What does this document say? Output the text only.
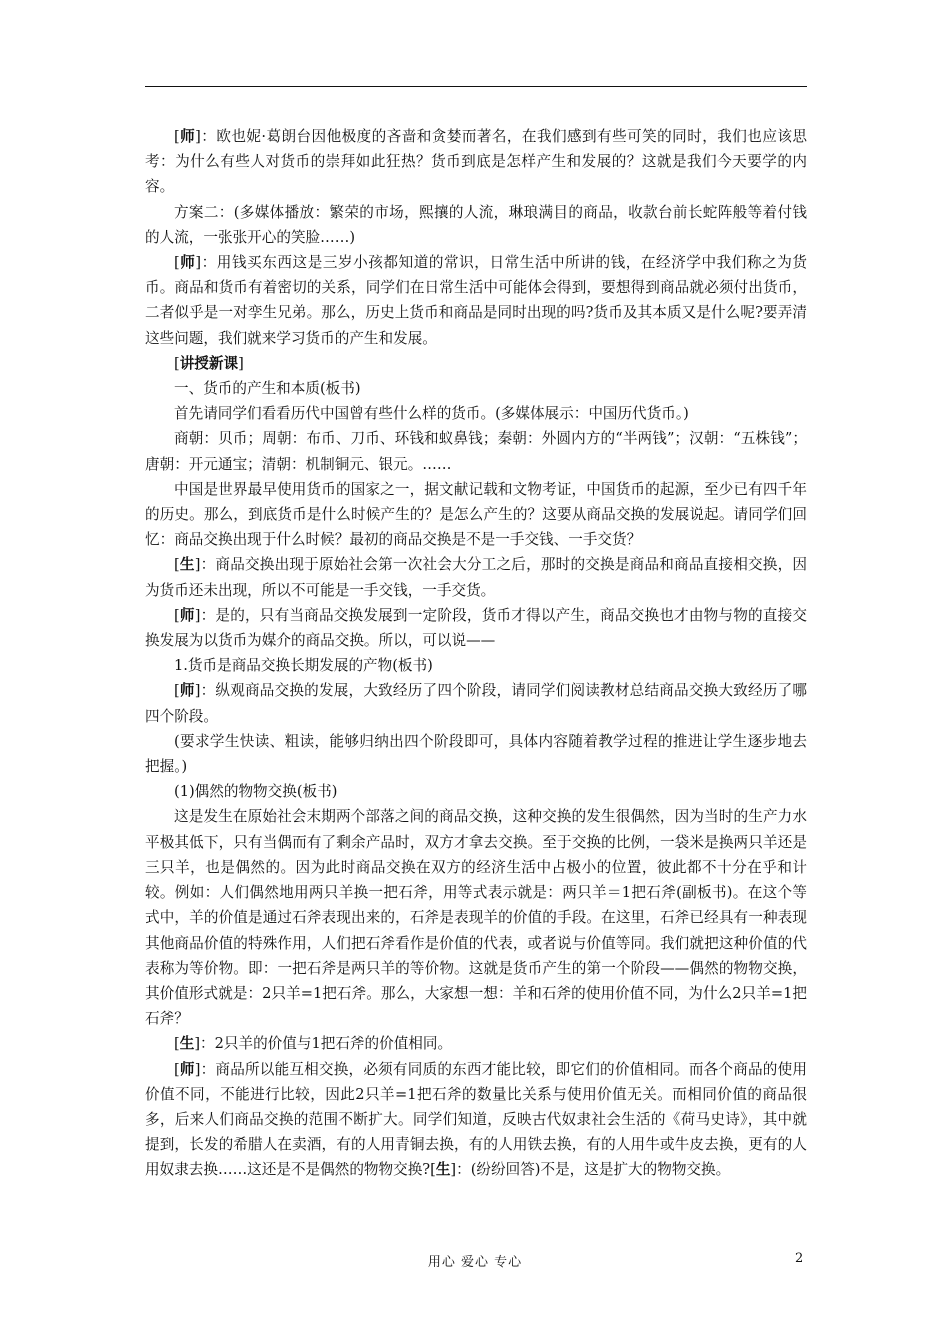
[师]：欧也妮·葛朗台因他极度的吝啬和贪婪而著名，在我们感到有些可笑的同时，我们也应该思考：为什么有些人对货币的崇拜如此狂热？货币到底是怎样产生和发展的？这就是我们今天要学的内容。

方案二：(多媒体播放：繁荣的市场，熙攘的人流，琳琅满目的商品，收款台前长蛇阵般等着付钱的人流，一张张开心的笑脸……)

[师]：用钱买东西这是三岁小孩都知道的常识，日常生活中所讲的钱，在经济学中我们称之为货币。商品和货币有着密切的关系，同学们在日常生活中可能体会得到，要想得到商品就必须付出货币，二者似乎是一对孪生兄弟。那么，历史上货币和商品是同时出现的吗?货币及其本质又是什么呢?要弄清这些问题，我们就来学习货币的产生和发展。

[讲授新课]

一、货币的产生和本质(板书)

首先请同学们看看历代中国曾有些什么样的货币。(多媒体展示：中国历代货币。)

商朝：贝币；周朝：布币、刀币、环钱和蚁鼻钱；秦朝：外圆内方的“半两钱”；汉朝：“五株钱”；唐朝：开元通宝；清朝：机制铜元、银元。……

中国是世界最早使用货币的国家之一，据文献记载和文物考证，中国货币的起源，至少已有四千年的历史。那么，到底货币是什么时候产生的？是怎么产生的？这要从商品交换的发展说起。请同学们回忆：商品交换出现于什么时候？最初的商品交换是不是一手交钱、一手交货？

[生]：商品交换出现于原始社会第一次社会大分工之后，那时的交换是商品和商品直接相交换，因为货币还未出现，所以不可能是一手交钱，一手交货。

[师]：是的，只有当商品交换发展到一定阶段，货币才得以产生，商品交换也才由物与物的直接交换发展为以货币为媒介的商品交换。所以，可以说——

1.货币是商品交换长期发展的产物(板书)

[师]：纵观商品交换的发展，大致经历了四个阶段，请同学们阅读教材总结商品交换大致经历了哪四个阶段。

(要求学生快读、粗读，能够归纳出四个阶段即可，具体内容随着教学过程的推进让学生逐步地去把握。)

(1)偶然的物物交换(板书)

这是发生在原始社会末期两个部落之间的商品交换，这种交换的发生很偶然，因为当时的生产力水平极其低下，只有当偶而有了剩余产品时，双方才拿去交换。至于交换的比例，一袋米是换两只羊还是三只羊，也是偶然的。因为此时商品交换在双方的经济生活中占极小的位置，彼此都不十分在乎和计较。例如：人们偶然地用两只羊换一把石斧，用等式表示就是：两只羊＝1把石斧(副板书)。在这个等式中，羊的价值是通过石斧表现出来的，石斧是表现羊的价值的手段。在这里，石斧已经具有一种表现其他商品价值的特殊作用，人们把石斧看作是价值的代表，或者说与价值等同。我们就把这种价值的代表称为等价物。即：一把石斧是两只羊的等价物。这就是货币产生的第一个阶段——偶然的物物交换，其价值形式就是：2只羊=1把石斧。那么，大家想一想：羊和石斧的使用价值不同，为什么2只羊=1把石斧？

[生]：2只羊的价值与1把石斧的价值相同。

[师]：商品所以能互相交换，必须有同质的东西才能比较，即它们的价值相同。而各个商品的使用价值不同，不能进行比较，因此2只羊=1把石斧的数量比关系与使用价值无关。而相同价值的商品很多，后来人们商品交换的范围不断扩大。同学们知道，反映古代奴隶社会生活的《荷马史诗》，其中就提到，长发的希腊人在卖酒，有的人用青铜去换，有的人用铁去换，有的人用牛或牛皮去换，更有的人用奴隶去换……这还是不是偶然的物物交换?[生]：(纷纷回答)不是，这是扩大的物物交换。

用心 爱心 专心	2
